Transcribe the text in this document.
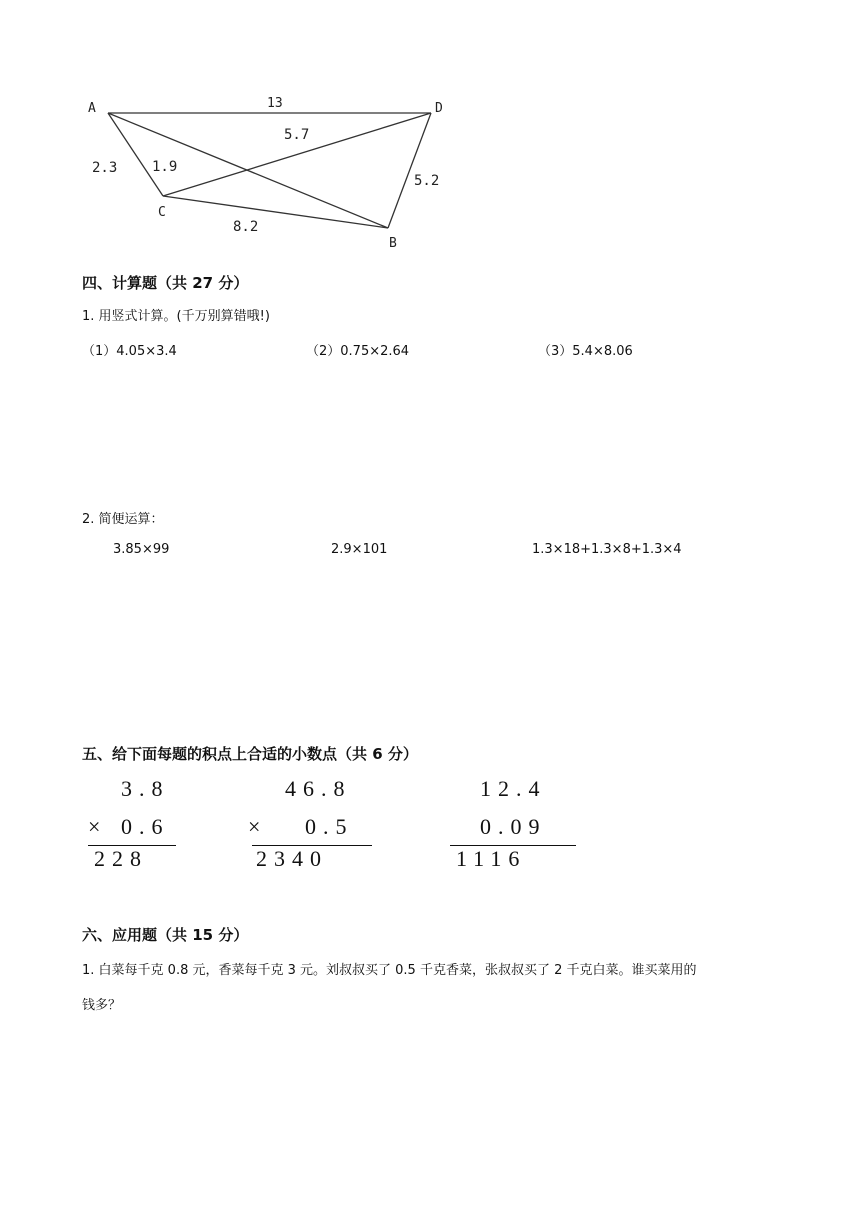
A	D
C
B
13
2.3 1.9
5.7
5.2
8.2
四、计算题（共 27 分）
1. 用竖式计算。(千万别算错哦!)
（1）4.05×3.4	（2）0.75×2.64	（3）5.4×8.06
2. 简便运算：
3.85×99	2.9×101	1.3×18+1.3×8+1.3×4
五、给下面每题的积点上合适的小数点（共 6 分）
3.8
× 0.6
228
46.8
× 0.5
2340
12.4
0.09
1116
六、应用题（共 15 分）
1. 白菜每千克 0.8 元，香菜每千克 3 元。刘叔叔买了 0.5 千克香菜，张叔叔买了 2 千克白菜。谁买菜用的
钱多？
